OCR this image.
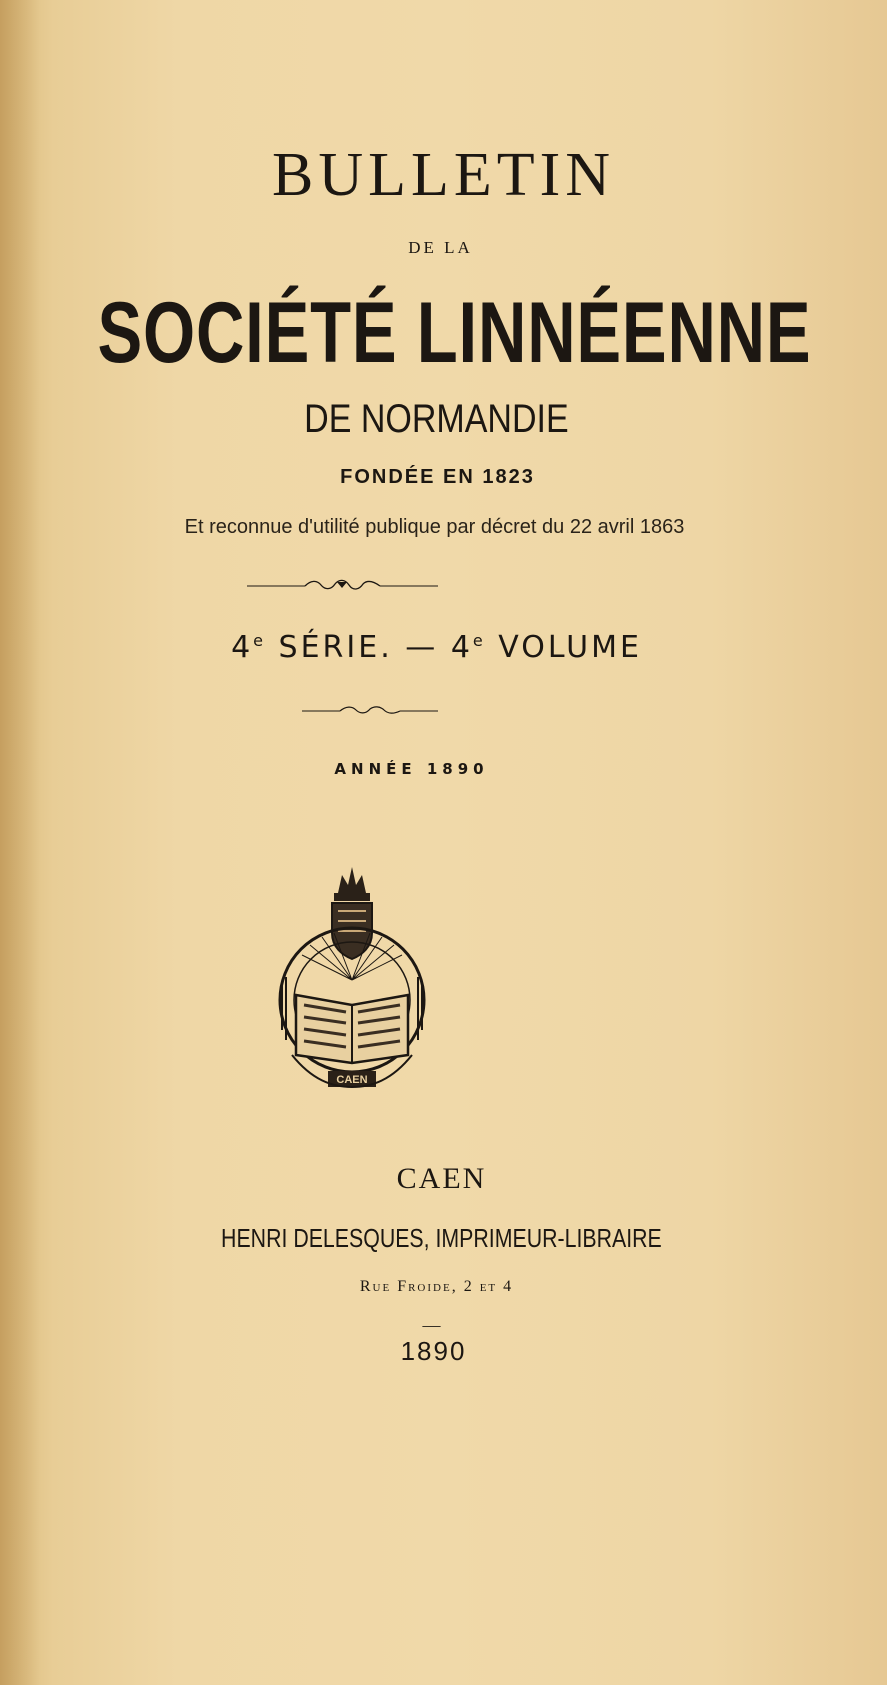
BULLETIN
DE LA
SOCIÉTÉ LINNÉENNE
DE NORMANDIE
FONDÉE EN 1823
Et reconnue d'utilité publique par décret du 22 avril 1863
4e SÉRIE. — 4e VOLUME
ANNÉE 1890
CAEN
CAEN
HENRI DELESQUES, IMPRIMEUR-LIBRAIRE
Rue Froide, 2 et 4
—
1890
